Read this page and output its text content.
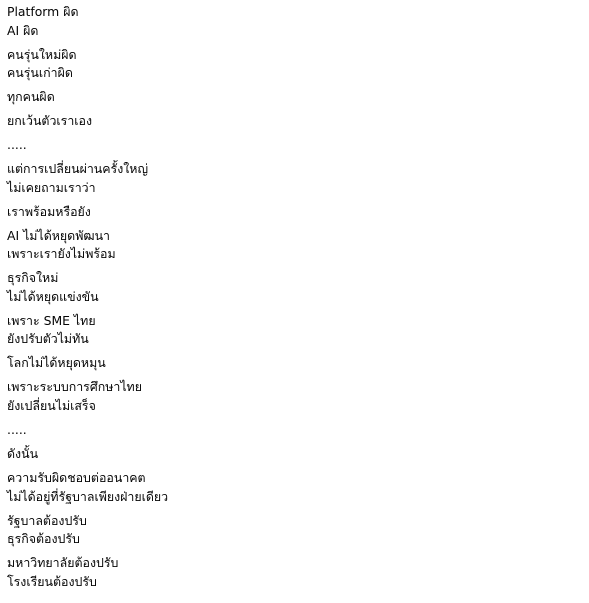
Platform ผิด
AI ผิด
คนรุ่นใหม่ผิด
คนรุ่นเก่าผิด
ทุกคนผิด
ยกเว้นตัวเราเอง
.....
แต่การเปลี่ยนผ่านครั้งใหญ่
ไม่เคยถามเราว่า
เราพร้อมหรือยัง
AI ไม่ได้หยุดพัฒนา
เพราะเรายังไม่พร้อม
ธุรกิจใหม่
ไม่ได้หยุดแข่งขัน
เพราะ SME ไทย
ยังปรับตัวไม่ทัน
โลกไม่ได้หยุดหมุน
เพราะระบบการศึกษาไทย
ยังเปลี่ยนไม่เสร็จ
.....
ดังนั้น
ความรับผิดชอบต่ออนาคต
ไม่ได้อยู่ที่รัฐบาลเพียงฝ่ายเดียว
รัฐบาลต้องปรับ
ธุรกิจต้องปรับ
มหาวิทยาลัยต้องปรับ
โรงเรียนต้องปรับ
